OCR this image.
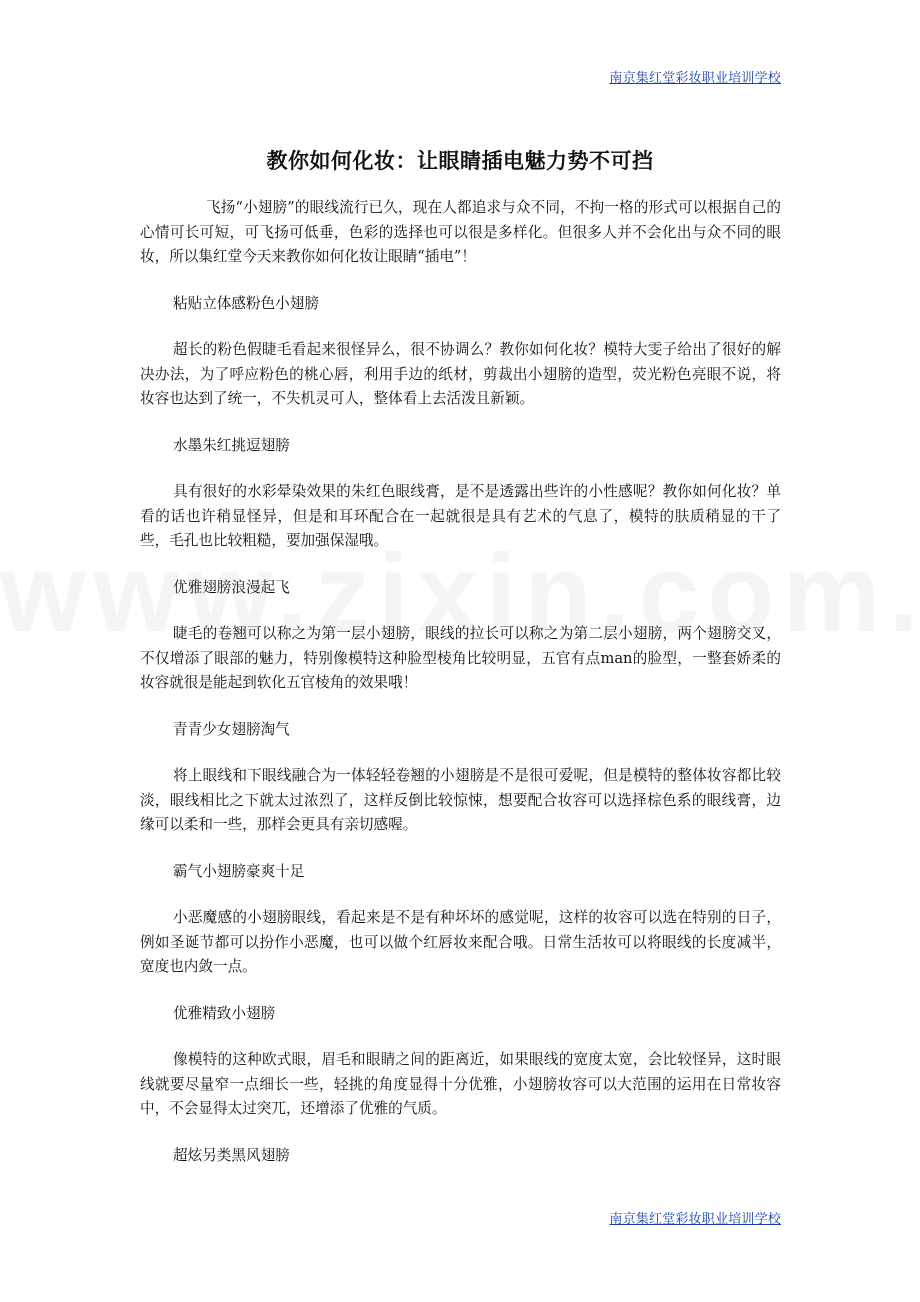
南京集红堂彩妆职业培训学校
教你如何化妆：让眼睛插电魅力势不可挡

飞扬“小翅膀”的眼线流行已久，现在人都追求与众不同，不拘一格的形式可以根据自己的心情可长可短，可飞扬可低垂，色彩的选择也可以很是多样化。但很多人并不会化出与众不同的眼妆，所以集红堂今天来教你如何化妆让眼睛“插电”！

粘贴立体感粉色小翅膀

超长的粉色假睫毛看起来很怪异么，很不协调么？教你如何化妆？模特大雯子给出了很好的解决办法，为了呼应粉色的桃心唇，利用手边的纸材，剪裁出小翅膀的造型，荧光粉色亮眼不说，将妆容也达到了统一，不失机灵可人，整体看上去活泼且新颖。

水墨朱红挑逗翅膀

具有很好的水彩晕染效果的朱红色眼线膏，是不是透露出些许的小性感呢？教你如何化妆？单看的话也许稍显怪异，但是和耳环配合在一起就很是具有艺术的气息了，模特的肤质稍显的干了些，毛孔也比较粗糙，要加强保湿哦。

优雅翅膀浪漫起飞

睫毛的卷翘可以称之为第一层小翅膀，眼线的拉长可以称之为第二层小翅膀，两个翅膀交叉，不仅增添了眼部的魅力，特别像模特这种脸型棱角比较明显，五官有点man的脸型，一整套娇柔的妆容就很是能起到软化五官棱角的效果哦！

青青少女翅膀淘气

将上眼线和下眼线融合为一体轻轻卷翘的小翅膀是不是很可爱呢，但是模特的整体妆容都比较淡，眼线相比之下就太过浓烈了，这样反倒比较惊悚，想要配合妆容可以选择棕色系的眼线膏，边缘可以柔和一些，那样会更具有亲切感喔。

霸气小翅膀豪爽十足

小恶魔感的小翅膀眼线，看起来是不是有种坏坏的感觉呢，这样的妆容可以选在特别的日子，例如圣诞节都可以扮作小恶魔，也可以做个红唇妆来配合哦。日常生活妆可以将眼线的长度减半，宽度也内敛一点。

优雅精致小翅膀

像模特的这种欧式眼，眉毛和眼睛之间的距离近，如果眼线的宽度太宽，会比较怪异，这时眼线就要尽量窄一点细长一些，轻挑的角度显得十分优雅，小翅膀妆容可以大范围的运用在日常妆容中，不会显得太过突兀，还增添了优雅的气质。

超炫另类黑风翅膀

南京集红堂彩妆职业培训学校
